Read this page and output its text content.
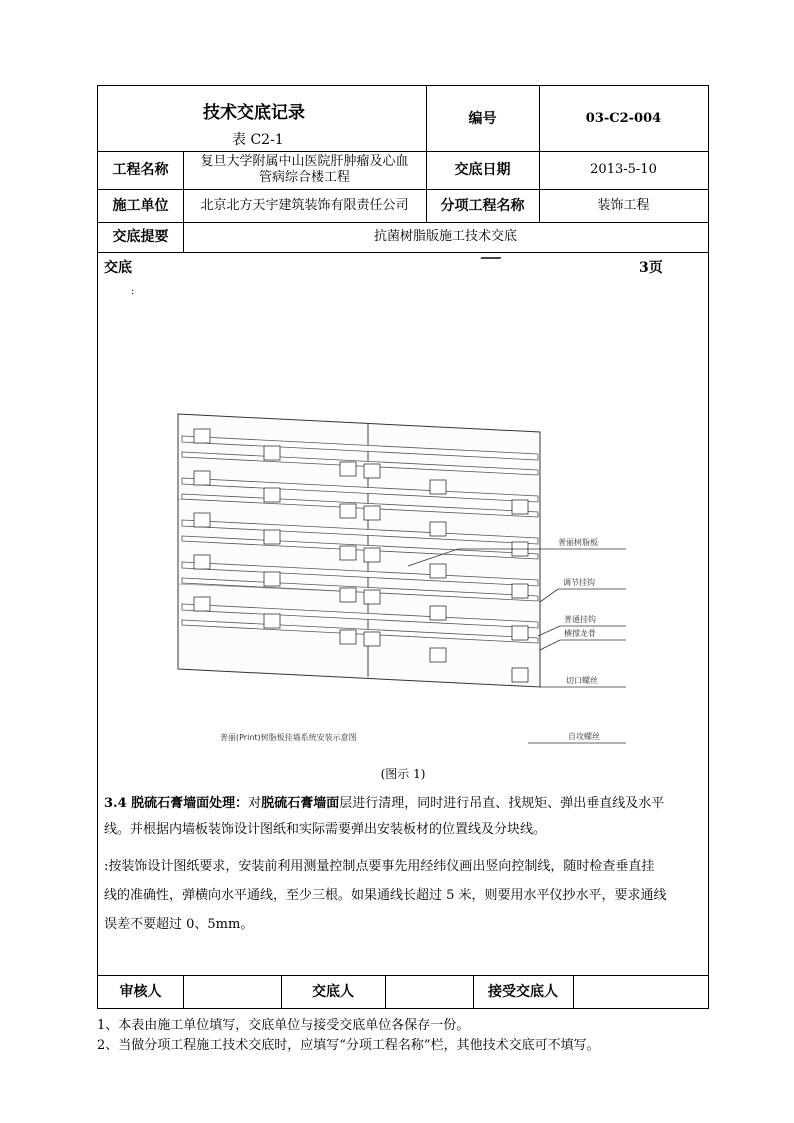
技术交底记录
表 C2-1
编号	03-C2-004
工程名称
复旦大学附属中山医院肝肿瘤及心血
管病综合楼工程	交底日期	2013-5-10
施工单位	北京北方天宇建筑装饰有限责任公司	分项工程名称	装饰工程
交底提要	抗菌树脂版施工技术交底
交底	3页
:
普丽树脂板
调节挂钩
普通挂钩
横撑龙骨
切口螺丝
自攻螺丝
普丽(Print)树脂板挂墙系统安装示意图
(图示 1)
3.4 脱硫石膏墙面处理：对脱硫石膏墙面层进行清理，同时进行吊直、找规矩、弹出垂直线及水平
线。并根据内墙板装饰设计图纸和实际需要弹出安装板材的位置线及分块线。
:按装饰设计图纸要求，安装前利用测量控制点要事先用经纬仪画出竖向控制线，随时检查垂直挂
线的准确性，弹横向水平通线，至少三根。如果通线长超过 5 米，则要用水平仪抄水平，要求通线
误差不要超过 0、5mm。
审核人	交底人	接受交底人
1、本表由施工单位填写，交底单位与接受交底单位各保存一份。
2、当做分项工程施工技术交底时，应填写“分项工程名称”栏，其他技术交底可不填写。
